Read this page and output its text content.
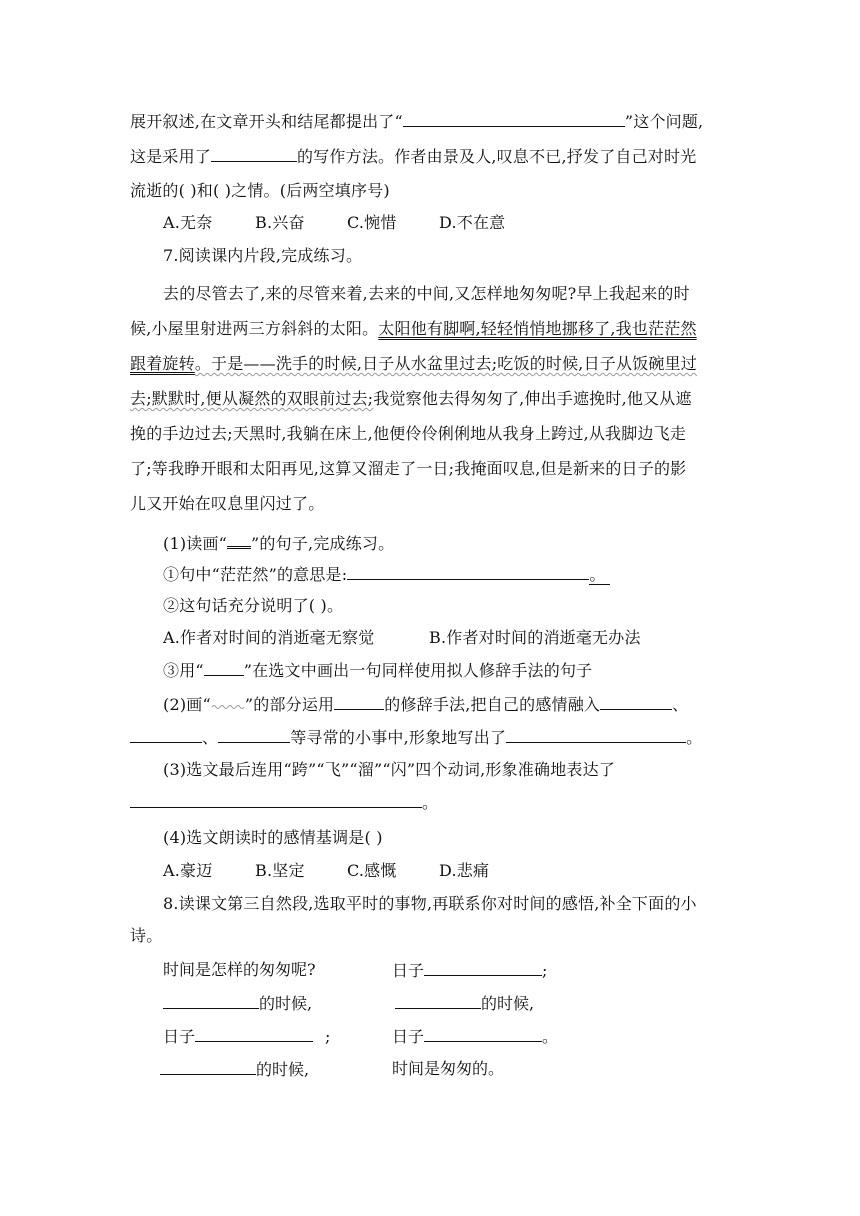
展开叙述,在文章开头和结尾都提出了“	”这个问题,
这是采用了	的写作方法。作者由景及人,叹息不已,抒发了自己对时光
流逝的( )和( )之情。(后两空填序号)
A.无奈	B.兴奋	C.惋惜	D.不在意
7.阅读课内片段,完成练习。
去的尽管去了,来的尽管来着,去来的中间,又怎样地匆匆呢?早上我起来的时
候,小屋里射进两三方斜斜的太阳。太阳他有脚啊,轻轻悄悄地挪移了,我也茫茫然
跟着旋转。于是——洗手的时候,日子从水盆里过去;吃饭的时候,日子从饭碗里过
去;默默时,便从凝然的双眼前过去;我觉察他去得匆匆了,伸出手遮挽时,他又从遮
挽的手边过去;天黑时,我躺在床上,他便伶伶俐俐地从我身上跨过,从我脚边飞走
了;等我睁开眼和太阳再见,这算又溜走了一日;我掩面叹息,但是新来的日子的影
儿又开始在叹息里闪过了。
(1)读画“ ”的句子,完成练习。
①句中“茫茫然”的意思是:	。
②这句话充分说明了( )。
A.作者对时间的消逝毫无察觉	B.作者对时间的消逝毫无办法
③用“	”在选文中画出一句同样使用拟人修辞手法的句子
(2)画“ ”的部分运用	的修辞手法,把自己的感情融入	、
、	等寻常的小事中,形象地写出了	。
(3)选文最后连用“跨”“飞”“溜”“闪”四个动词,形象准确地表达了
。
(4)选文朗读时的感情基调是( )
A.豪迈	B.坚定	C.感慨	D.悲痛
8.读课文第三自然段,选取平时的事物,再联系你对时间的感悟,补全下面的小
诗。
时间是怎样的匆匆呢?	日子	;
的时候,	的时候,
日子	;	日子	。
的时候,	时间是匆匆的。
